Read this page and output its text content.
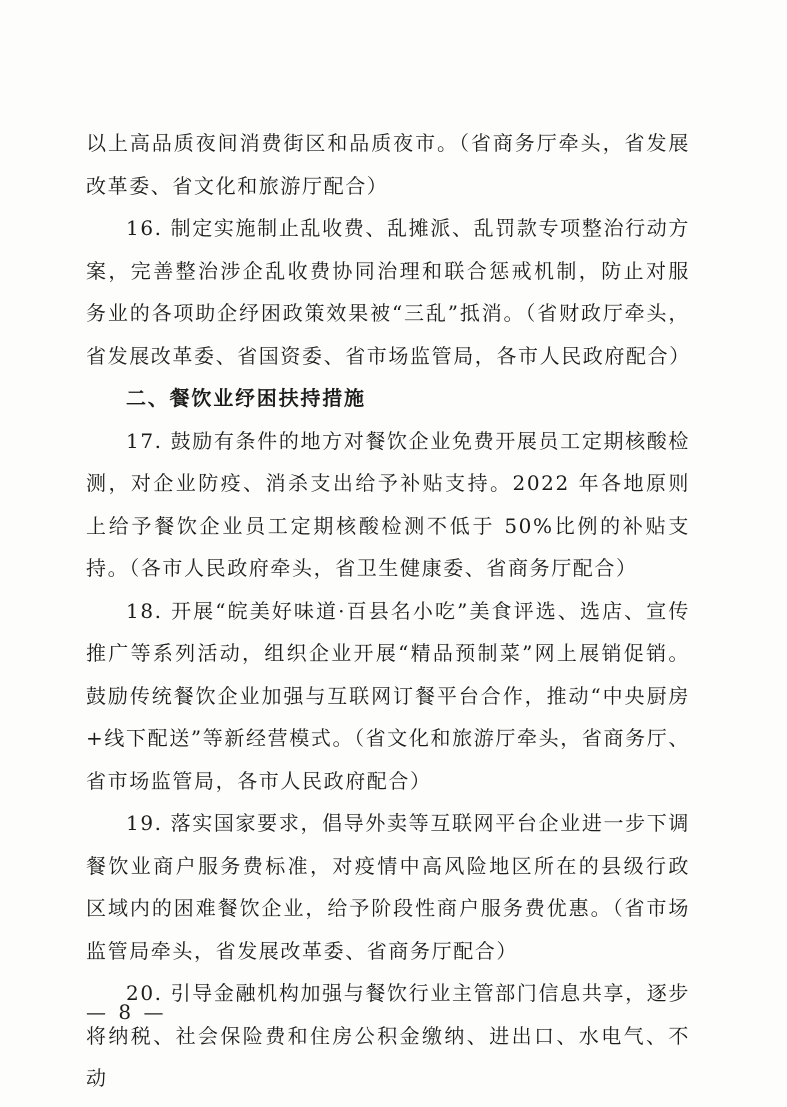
以上高品质夜间消费街区和品质夜市。（省商务厅牵头，省发展改革委、省文化和旅游厅配合）

16. 制定实施制止乱收费、乱摊派、乱罚款专项整治行动方案，完善整治涉企乱收费协同治理和联合惩戒机制，防止对服务业的各项助企纾困政策效果被“三乱”抵消。（省财政厅牵头，省发展改革委、省国资委、省市场监管局，各市人民政府配合）

二、餐饮业纾困扶持措施

17. 鼓励有条件的地方对餐饮企业免费开展员工定期核酸检测，对企业防疫、消杀支出给予补贴支持。2022 年各地原则上给予餐饮企业员工定期核酸检测不低于 50%比例的补贴支持。（各市人民政府牵头，省卫生健康委、省商务厅配合）

18. 开展“皖美好味道·百县名小吃”美食评选、选店、宣传推广等系列活动，组织企业开展“精品预制菜”网上展销促销。鼓励传统餐饮企业加强与互联网订餐平台合作，推动“中央厨房+线下配送”等新经营模式。（省文化和旅游厅牵头，省商务厅、省市场监管局，各市人民政府配合）

19. 落实国家要求，倡导外卖等互联网平台企业进一步下调餐饮业商户服务费标准，对疫情中高风险地区所在的县级行政区域内的困难餐饮企业，给予阶段性商户服务费优惠。（省市场监管局牵头，省发展改革委、省商务厅配合）

20. 引导金融机构加强与餐饮行业主管部门信息共享，逐步将纳税、社会保险费和住房公积金缴纳、进出口、水电气、不动

— 8 —
